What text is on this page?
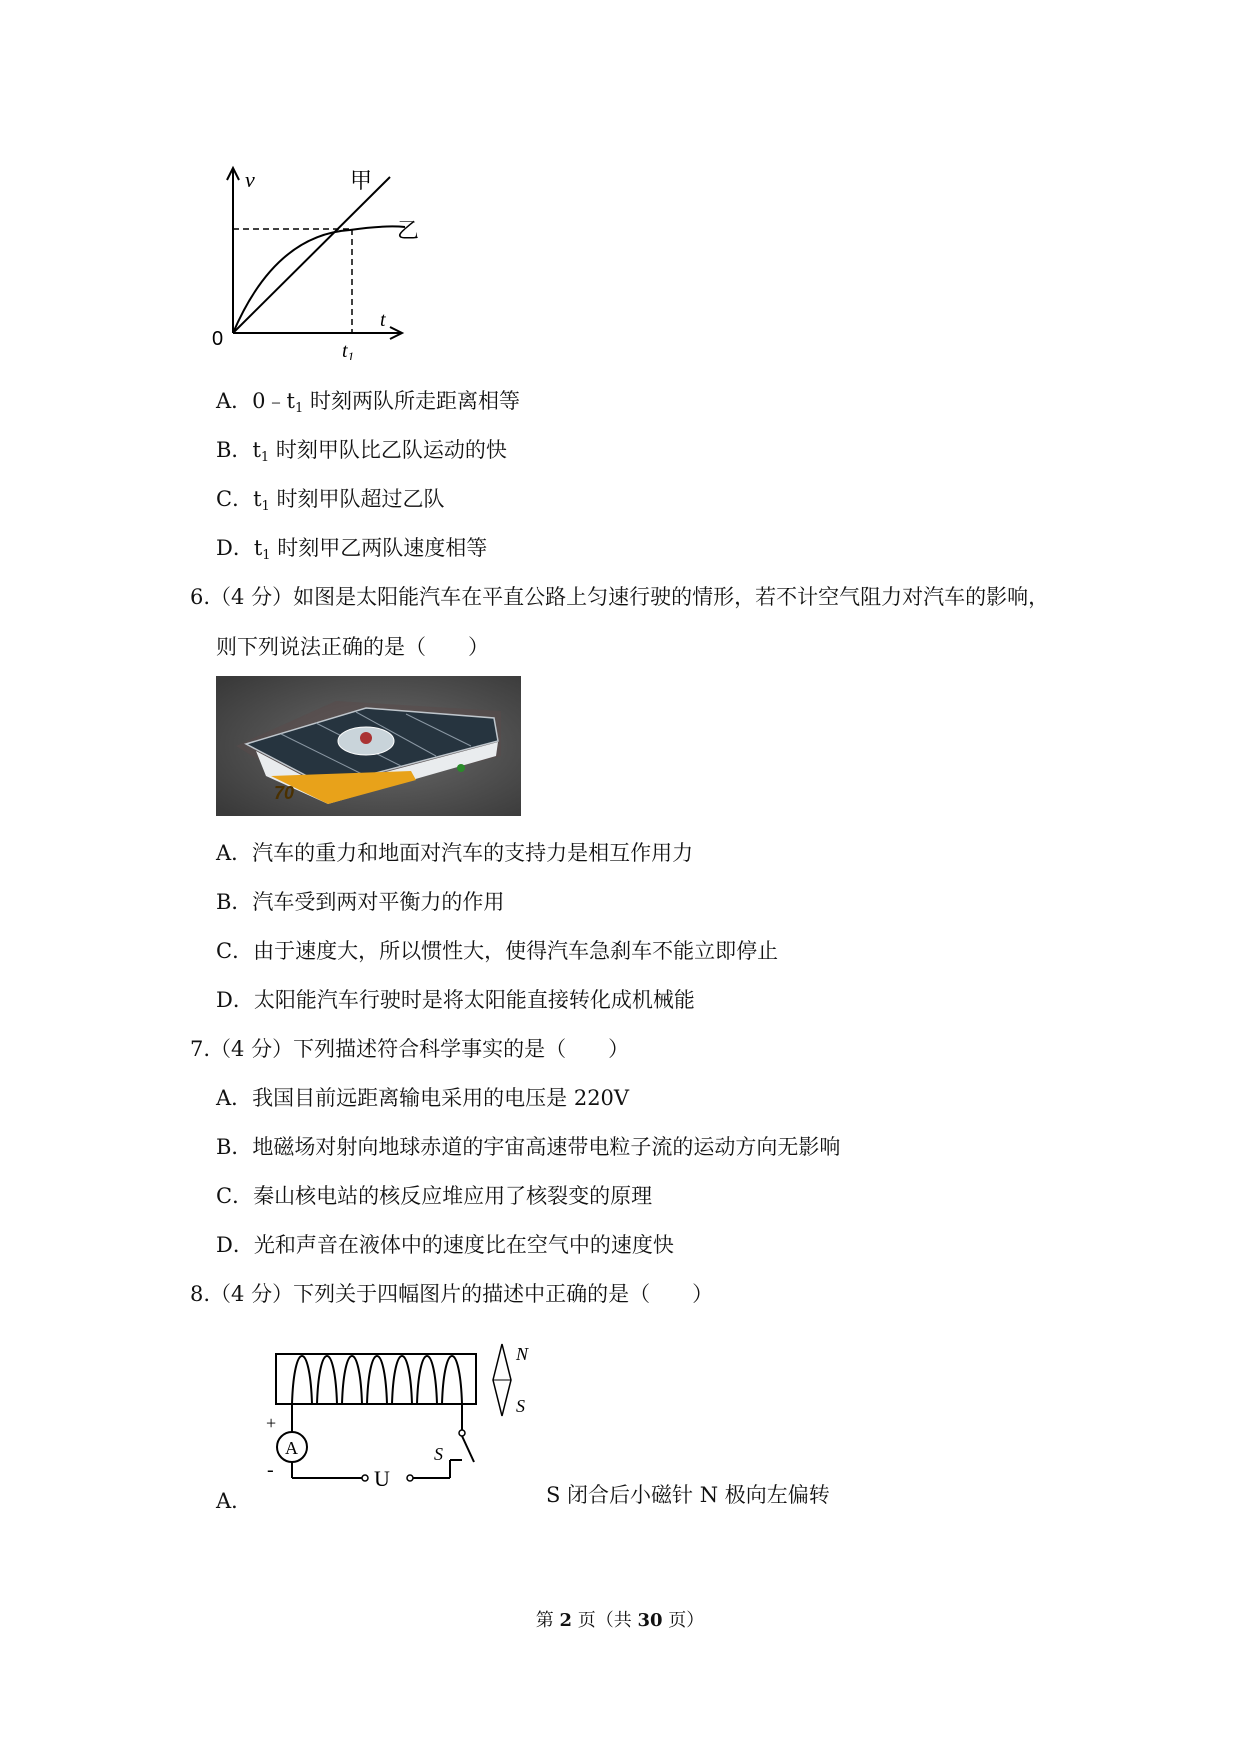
v
t
0
$t_1$
甲
乙
A．$0﹣t_1$ 时刻两队所走距离相等
B．$t_1$ 时刻甲队比乙队运动的快
C．$t_1$ 时刻甲队超过乙队
D．$t_1$ 时刻甲乙两队速度相等
6.（4 分）如图是太阳能汽车在平直公路上匀速行驶的情形，若不计空气阻力对汽车的影响，
则下列说法正确的是（　　）
70
A．汽车的重力和地面对汽车的支持力是相互作用力
B．汽车受到两对平衡力的作用
C．由于速度大，所以惯性大，使得汽车急刹车不能立即停止
D．太阳能汽车行驶时是将太阳能直接转化成机械能
7.（4 分）下列描述符合科学事实的是（　　）
A．我国目前远距离输电采用的电压是 220V
B．地磁场对射向地球赤道的宇宙高速带电粒子流的运动方向无影响
C．秦山核电站的核反应堆应用了核裂变的原理
D．光和声音在液体中的速度比在空气中的速度快
8.（4 分）下列关于四幅图片的描述中正确的是（　　）
A
+
-	U
S
N
S
A．	S 闭合后小磁针 N 极向左偏转
第 2 页（共 30 页）
